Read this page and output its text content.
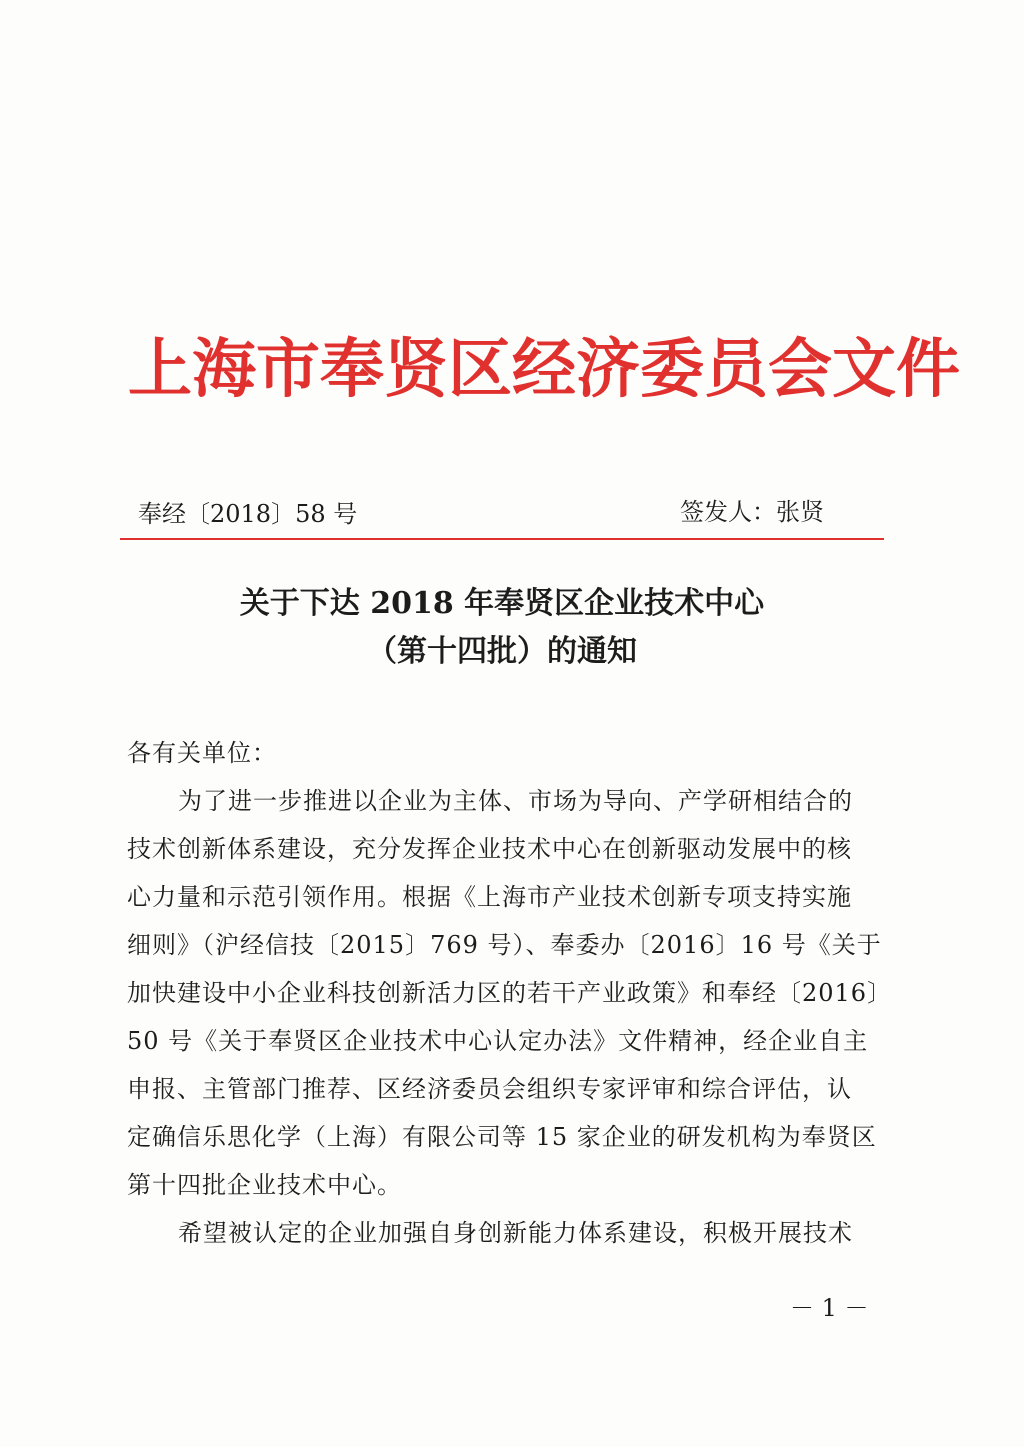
上海市奉贤区经济委员会文件
奉经〔2018〕58 号	签发人：张贤
关于下达 2018 年奉贤区企业技术中心
（第十四批）的通知
各有关单位：
为了进一步推进以企业为主体、市场为导向、产学研相结合的
技术创新体系建设，充分发挥企业技术中心在创新驱动发展中的核
心力量和示范引领作用。根据《上海市产业技术创新专项支持实施
细则》（沪经信技〔2015〕769 号）、奉委办〔2016〕16 号《关于
加快建设中小企业科技创新活力区的若干产业政策》和奉经〔2016〕
50 号《关于奉贤区企业技术中心认定办法》文件精神，经企业自主
申报、主管部门推荐、区经济委员会组织专家评审和综合评估，认
定确信乐思化学（上海）有限公司等 15 家企业的研发机构为奉贤区
第十四批企业技术中心。
希望被认定的企业加强自身创新能力体系建设，积极开展技术
－ 1 －
